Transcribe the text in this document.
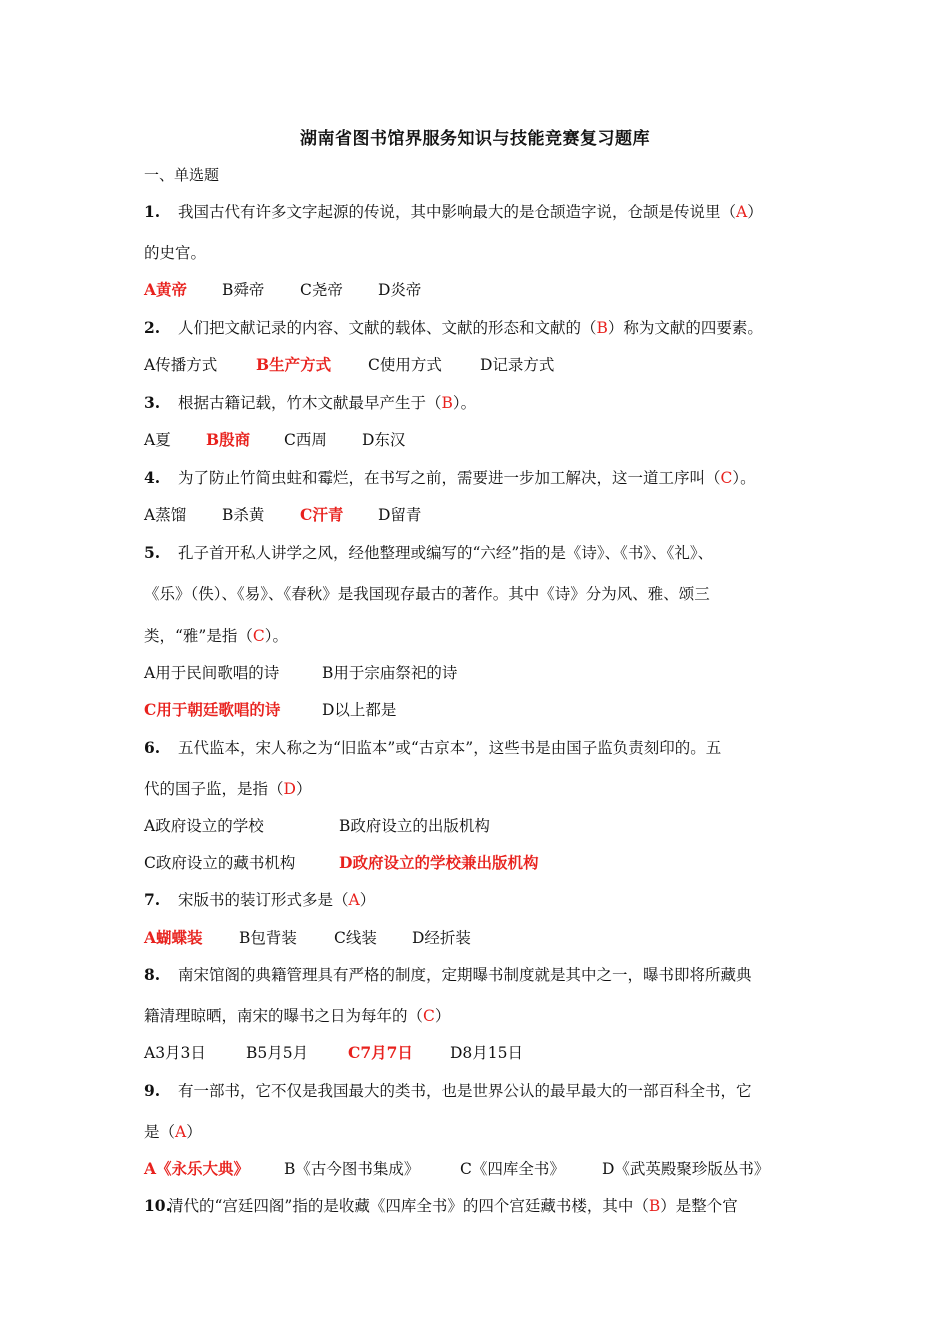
湖南省图书馆界服务知识与技能竞赛复习题库
一、单选题
1. 我国古代有许多文字起源的传说，其中影响最大的是仓颉造字说，仓颉是传说里（A）
的史官。
A黄帝 B舜帝 C尧帝 D炎帝
2. 人们把文献记录的内容、文献的载体、文献的形态和文献的（B）称为文献的四要素。
A传播方式	B生产方式 C使用方式 D记录方式
3. 根据古籍记载，竹木文献最早产生于（B）。
A夏 B殷商 C西周 D东汉
4. 为了防止竹简虫蛀和霉烂，在书写之前，需要进一步加工解决，这一道工序叫（C）。
A蒸馏 B杀黄 C汗青 D留青
5. 孔子首开私人讲学之风，经他整理或编写的“六经”指的是《诗》、《书》、《礼》、
《乐》（佚）、《易》、《春秋》是我国现存最古的著作。其中《诗》分为风、雅、颂三
类，“雅”是指（C）。
A用于民间歌唱的诗	B用于宗庙祭祀的诗
C用于朝廷歌唱的诗	D以上都是
6. 五代监本，宋人称之为“旧监本”或“古京本”，这些书是由国子监负责刻印的。五
代的国子监，是指（D）
A政府设立的学校	B政府设立的出版机构
C政府设立的藏书机构	D政府设立的学校兼出版机构
7. 宋版书的装订形式多是（A）
A蝴蝶装 B包背装 C线装 D经折装
8. 南宋馆阁的典籍管理具有严格的制度，定期曝书制度就是其中之一，曝书即将所藏典
籍清理晾晒，南宋的曝书之日为每年的（C）
A3月3日	B5月5月	C7月7日 D8月15日
9. 有一部书，它不仅是我国最大的类书，也是世界公认的最早最大的一部百科全书，它
是（A）
A《永乐大典》 B《古今图书集成》	C《四库全书》 D《武英殿聚珍版丛书》
10.清代的“宫廷四阁”指的是收藏《四库全书》的四个宫廷藏书楼，其中（B）是整个官
